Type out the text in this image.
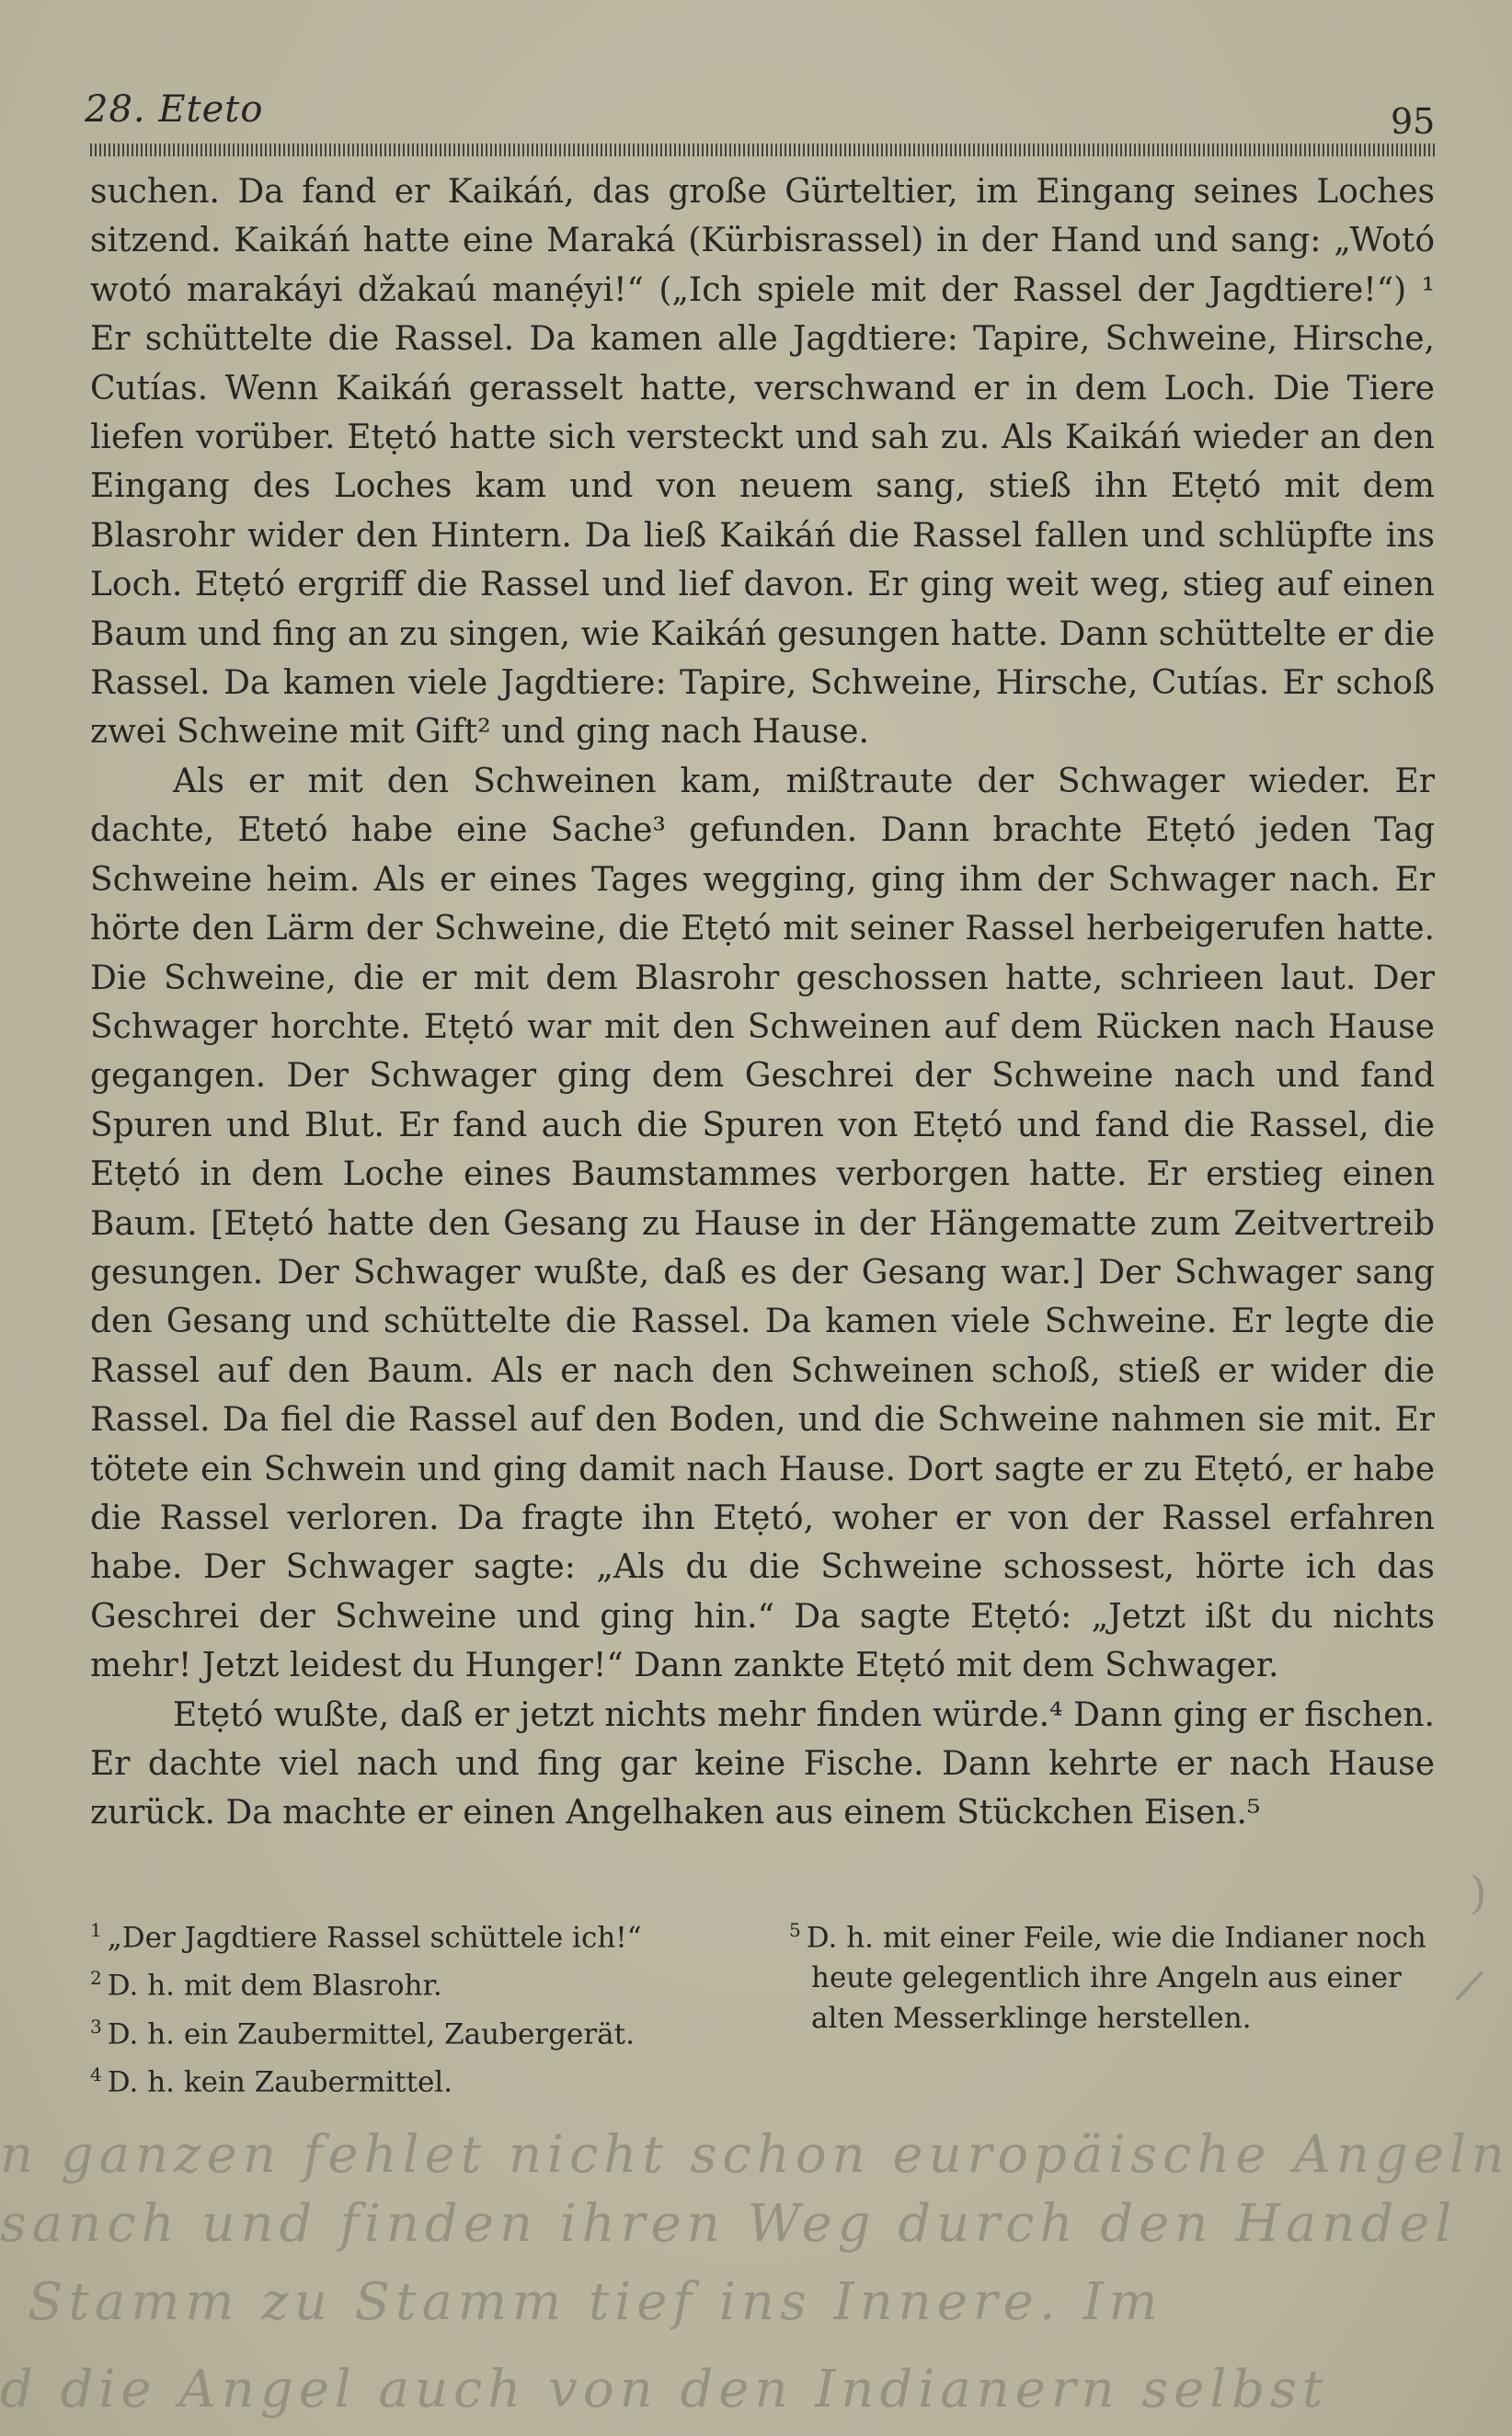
28. Eteto	95

suchen. Da fand er Kaikáń, das große Gürteltier, im Eingang seines Loches sitzend. Kaikáń hatte eine Maraká (Kürbisrassel) in der Hand und sang: „Wotó wotó marakáyi džakaú manẹ́yi!“ („Ich spiele mit der Rassel der Jagdtiere!“) ¹ Er schüttelte die Rassel. Da kamen alle Jagdtiere: Tapire, Schweine, Hirsche, Cutías. Wenn Kaikáń gerasselt hatte, verschwand er in dem Loch. Die Tiere liefen vorüber. Etẹtó hatte sich versteckt und sah zu. Als Kaikáń wieder an den Eingang des Loches kam und von neuem sang, stieß ihn Etẹtó mit dem Blasrohr wider den Hintern. Da ließ Kaikáń die Rassel fallen und schlüpfte ins Loch. Etẹtó ergriff die Rassel und lief davon. Er ging weit weg, stieg auf einen Baum und fing an zu singen, wie Kaikáń gesungen hatte. Dann schüttelte er die Rassel. Da kamen viele Jagdtiere: Tapire, Schweine, Hirsche, Cutías. Er schoß zwei Schweine mit Gift² und ging nach Hause.

Als er mit den Schweinen kam, mißtraute der Schwager wieder. Er dachte, Etetó habe eine Sache³ gefunden. Dann brachte Etẹtó jeden Tag Schweine heim. Als er eines Tages wegging, ging ihm der Schwager nach. Er hörte den Lärm der Schweine, die Etẹtó mit seiner Rassel herbeigerufen hatte. Die Schweine, die er mit dem Blasrohr geschossen hatte, schrieen laut. Der Schwager horchte. Etẹtó war mit den Schweinen auf dem Rücken nach Hause gegangen. Der Schwager ging dem Geschrei der Schweine nach und fand Spuren und Blut. Er fand auch die Spuren von Etẹtó und fand die Rassel, die Etẹtó in dem Loche eines Baumstammes verborgen hatte. Er erstieg einen Baum. [Etẹtó hatte den Gesang zu Hause in der Hängematte zum Zeitvertreib gesungen. Der Schwager wußte, daß es der Gesang war.] Der Schwager sang den Gesang und schüttelte die Rassel. Da kamen viele Schweine. Er legte die Rassel auf den Baum. Als er nach den Schweinen schoß, stieß er wider die Rassel. Da fiel die Rassel auf den Boden, und die Schweine nahmen sie mit. Er tötete ein Schwein und ging damit nach Hause. Dort sagte er zu Etẹtó, er habe die Rassel verloren. Da fragte ihn Etẹtó, woher er von der Rassel erfahren habe. Der Schwager sagte: „Als du die Schweine schossest, hörte ich das Geschrei der Schweine und ging hin.“ Da sagte Etẹtó: „Jetzt ißt du nichts mehr! Jetzt leidest du Hunger!“ Dann zankte Etẹtó mit dem Schwager.

Etẹtó wußte, daß er jetzt nichts mehr finden würde.⁴ Dann ging er fischen. Er dachte viel nach und fing gar keine Fische. Dann kehrte er nach Hause zurück. Da machte er einen Angelhaken aus einem Stückchen Eisen.⁵

$^1$ „Der Jagdtiere Rassel schüttele ich!“

$^2$ D. h. mit dem Blasrohr.

$^3$ D. h. ein Zaubermittel, Zaubergerät.

$^4$ D. h. kein Zaubermittel.

$^5$ D. h. mit einer Feile, wie die Indianer noch heute gelegentlich ihre Angeln aus einer alten Messerklinge herstellen.

)
/
n ganzen fehlet nicht schon europäische Angeln
sanch und finden ihren Weg durch den Handel
Stamm zu Stamm tief ins Innere. Im
d die Angel auch von den Indianern selbst
